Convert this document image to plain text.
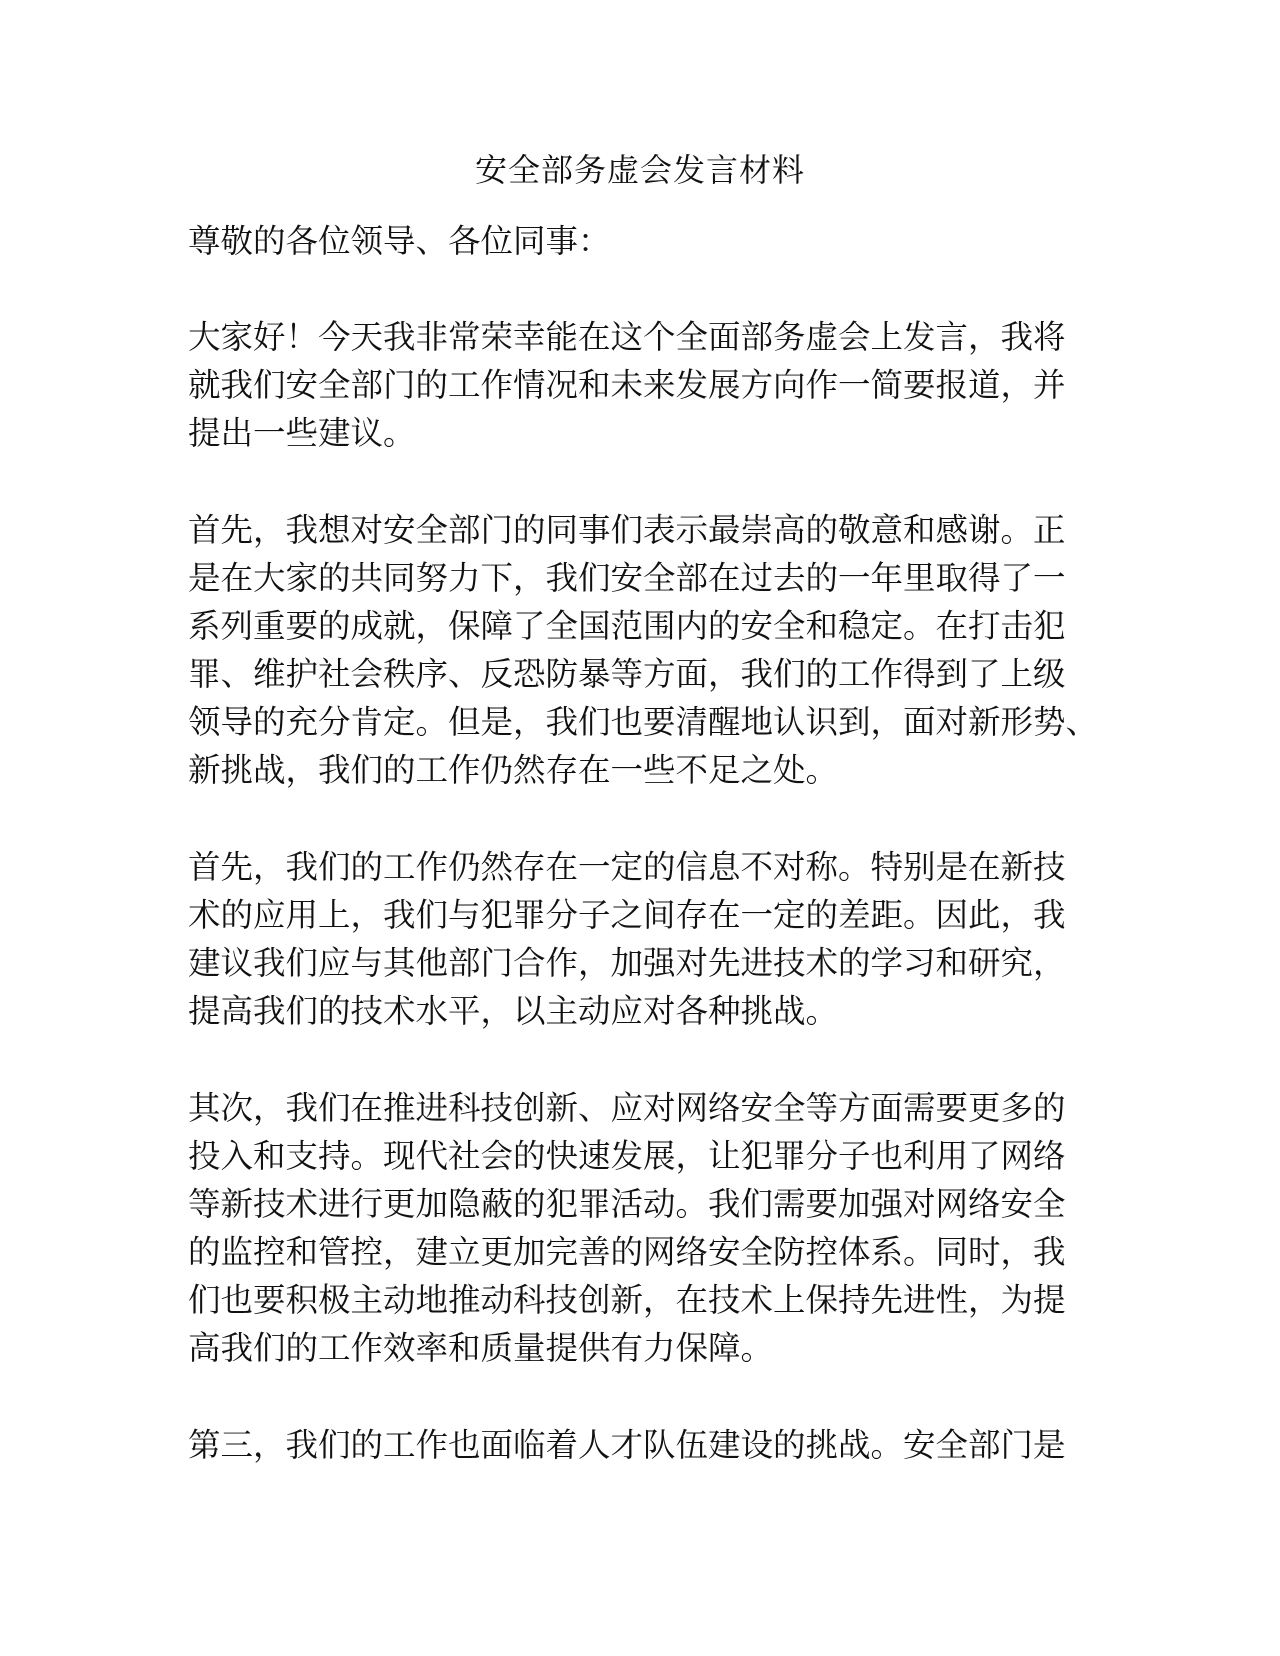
安全部务虚会发言材料
尊敬的各位领导、各位同事：
大家好！今天我非常荣幸能在这个全面部务虚会上发言，我将
就我们安全部门的工作情况和未来发展方向作一简要报道，并
提出一些建议。
首先，我想对安全部门的同事们表示最崇高的敬意和感谢。正
是在大家的共同努力下，我们安全部在过去的一年里取得了一
系列重要的成就，保障了全国范围内的安全和稳定。在打击犯
罪、维护社会秩序、反恐防暴等方面，我们的工作得到了上级
领导的充分肯定。但是，我们也要清醒地认识到，面对新形势、
新挑战，我们的工作仍然存在一些不足之处。
首先，我们的工作仍然存在一定的信息不对称。特别是在新技
术的应用上，我们与犯罪分子之间存在一定的差距。因此，我
建议我们应与其他部门合作，加强对先进技术的学习和研究，
提高我们的技术水平，以主动应对各种挑战。
其次，我们在推进科技创新、应对网络安全等方面需要更多的
投入和支持。现代社会的快速发展，让犯罪分子也利用了网络
等新技术进行更加隐蔽的犯罪活动。我们需要加强对网络安全
的监控和管控，建立更加完善的网络安全防控体系。同时，我
们也要积极主动地推动科技创新，在技术上保持先进性，为提
高我们的工作效率和质量提供有力保障。
第三，我们的工作也面临着人才队伍建设的挑战。安全部门是
